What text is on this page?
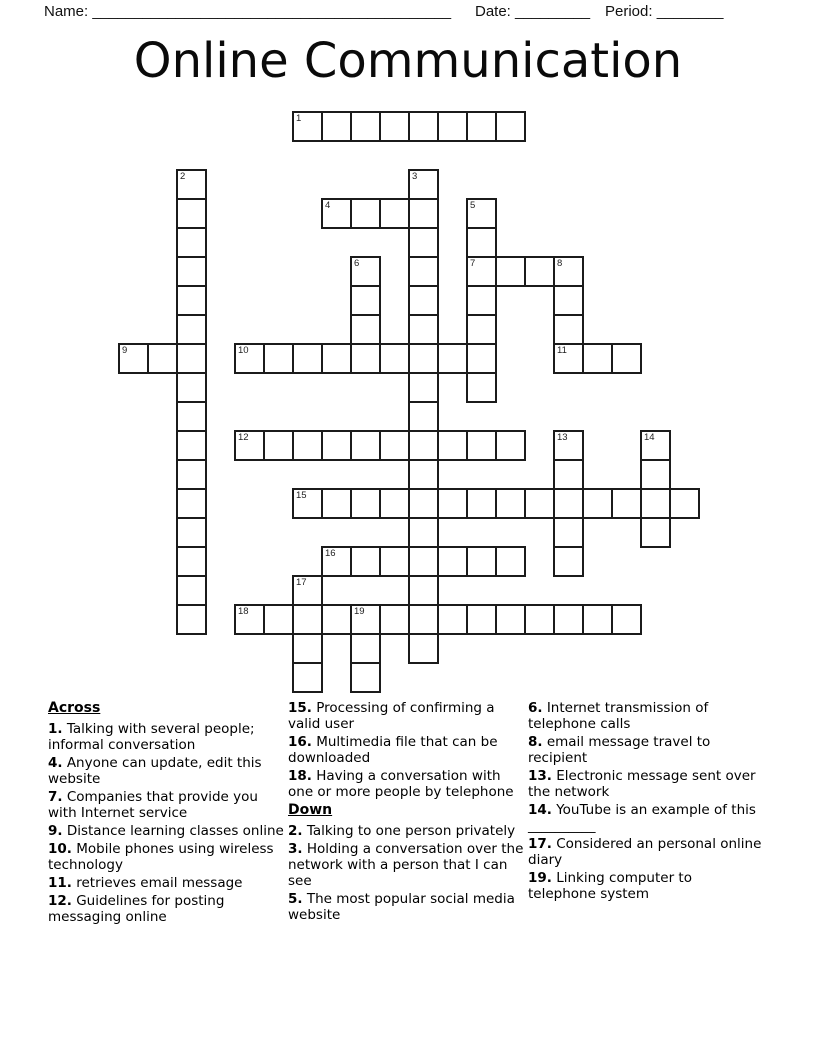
Name: ___________________________________________ Date: _________ Period: ________
Online Communication
1
4
7	8
9	10	11
12
15
16
18	19
2	3
5
6
13	14
17
Across
1. Talking with several people; informal conversation
4. Anyone can update, edit this website
7. Companies that provide you with Internet service
9. Distance learning classes online
10. Mobile phones using wireless technology
11. retrieves email message
12. Guidelines for posting messaging online
15. Processing of confirming a valid user
16. Multimedia file that can be downloaded
18. Having a conversation with one or more people by telephone
Down
2. Talking to one person privately
3. Holding a conversation over the network with a person that I can see
5. The most popular social media website
6. Internet transmission of telephone calls
8. email message travel to recipient
13. Electronic message sent over the network
14. YouTube is an example of this __________
17. Considered an personal online diary
19. Linking computer to telephone system
